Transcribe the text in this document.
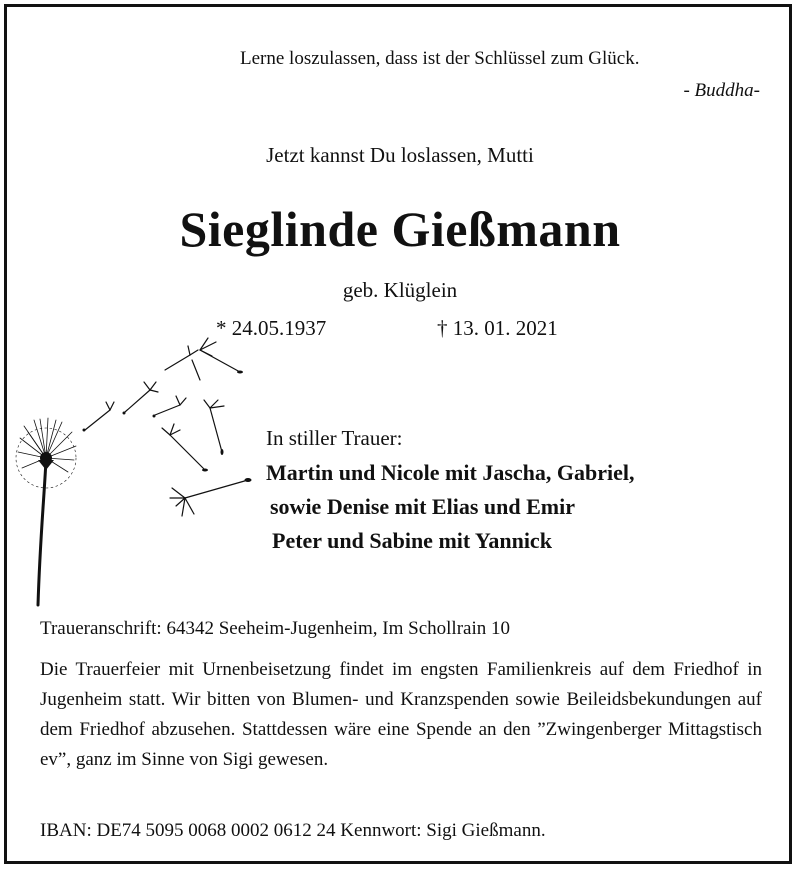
Lerne loszulassen, dass ist der Schlüssel zum Glück.
- Buddha-
Jetzt kannst Du loslassen, Mutti
Sieglinde Gießmann
geb. Klüglein
* 24.05.1937	† 13. 01. 2021
In stiller Trauer:
Martin und Nicole mit Jascha, Gabriel,
sowie Denise mit Elias und Emir
Peter und Sabine mit Yannick
Traueranschrift: 64342 Seeheim-Jugenheim, Im Schollrain 10
Die Trauerfeier mit Urnenbeisetzung findet im engsten Familienkreis auf dem Friedhof in Jugenheim statt. Wir bitten von Blumen- und Kranzspenden sowie Beileidsbekundungen auf dem Friedhof abzusehen. Stattdessen wäre eine Spende an den ”Zwingenberger Mittagstisch ev”, ganz im Sinne von Sigi gewesen.
IBAN: DE74 5095 0068 0002 0612 24 Kennwort: Sigi Gießmann.
